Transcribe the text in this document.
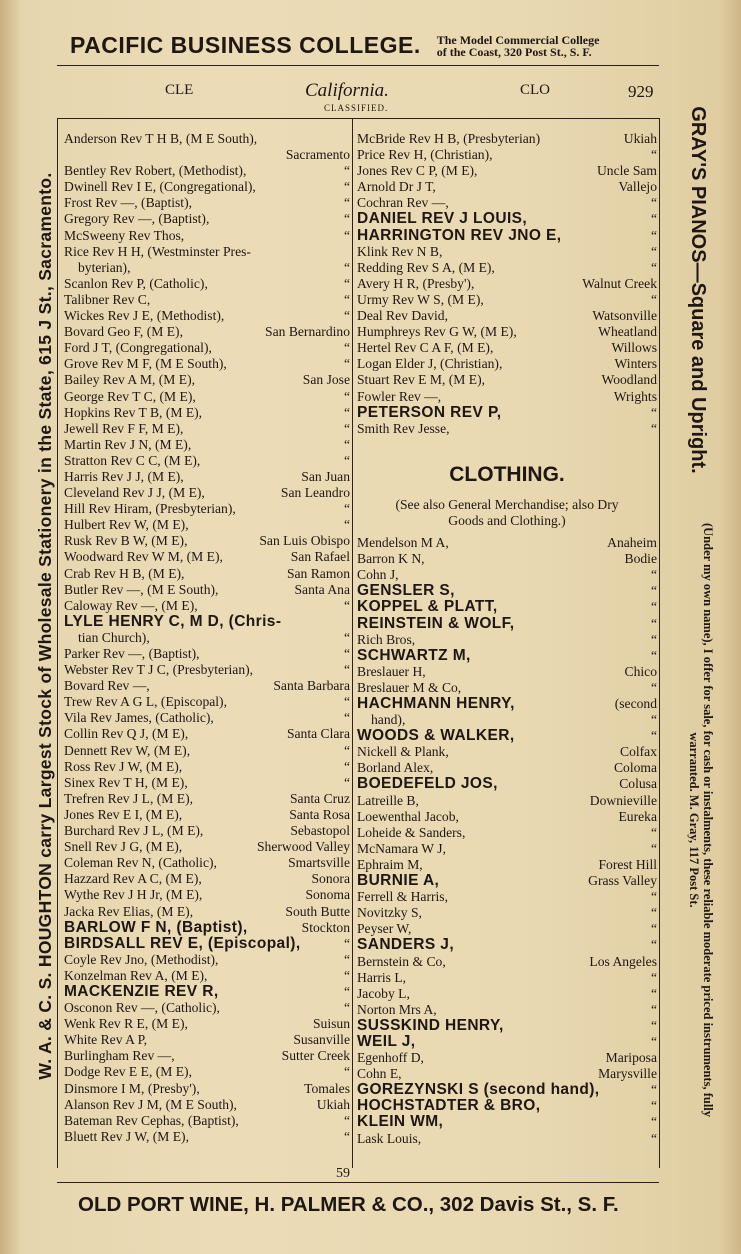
PACIFIC BUSINESS COLLEGE. The Model Commercial College
of the Coast, 320 Post St., S. F.
CLE	California.
CLASSIFIED.
CLO	929
W. A. & C. S. HOUGHTON carry Largest Stock of Wholesale Stationery in the State, 615 J St., Sacramento.	GRAY'S PIANOS—Square and Upright.
(Under my own name), I offer for sale, for cash or instalments, these reliable moderate priced instruments, fully warranted. M. Gray, 117 Post St.
Anderson Rev T H B, (M E South),
Sacramento
Bentley Rev Robert, (Methodist),	“
Dwinell Rev I E, (Congregational),	“
Frost Rev —, (Baptist),	“
Gregory Rev —, (Baptist),	“
McSweeny Rev Thos,	“
Rice Rev H H, (Westminster Pres-
byterian),	“
Scanlon Rev P, (Catholic),	“
Talibner Rev C,	“
Wickes Rev J E, (Methodist),	“
Bovard Geo F, (M E),	San Bernardino
Ford J T, (Congregational),	“
Grove Rev M F, (M E South),	“
Bailey Rev A M, (M E),	San Jose
George Rev T C, (M E),	“
Hopkins Rev T B, (M E),	“
Jewell Rev F F, M E),	“
Martin Rev J N, (M E),	“
Stratton Rev C C, (M E),	“
Harris Rev J J, (M E),	San Juan
Cleveland Rev J J, (M E),	San Leandro
Hill Rev Hiram, (Presbyterian),	“
Hulbert Rev W, (M E),	“
Rusk Rev B W, (M E),	San Luis Obispo
Woodward Rev W M, (M E),	San Rafael
Crab Rev H B, (M E),	San Ramon
Butler Rev —, (M E South),	Santa Ana
Caloway Rev —, (M E),	“
LYLE HENRY C, M D, (Chris-
tian Church),	“
Parker Rev —, (Baptist),	“
Webster Rev T J C, (Presbyterian),	“
Bovard Rev —,	Santa Barbara
Trew Rev A G L, (Episcopal),	“
Vila Rev James, (Catholic),	“
Collin Rev Q J, (M E),	Santa Clara
Dennett Rev W, (M E),	“
Ross Rev J W, (M E),	“
Sinex Rev T H, (M E),	“
Trefren Rev J L, (M E),	Santa Cruz
Jones Rev E I, (M E),	Santa Rosa
Burchard Rev J L, (M E),	Sebastopol
Snell Rev J G, (M E),	Sherwood Valley
Coleman Rev N, (Catholic),	Smartsville
Hazzard Rev A C, (M E),	Sonora
Wythe Rev J H Jr, (M E),	Sonoma
Jacka Rev Elias, (M E),	South Butte
BARLOW F N, (Baptist),	Stockton
BIRDSALL REV E, (Episcopal),	“
Coyle Rev Jno, (Methodist),	“
Konzelman Rev A, (M E),	“
MACKENZIE REV R,	“
Osconon Rev —, (Catholic),	“
Wenk Rev R E, (M E),	Suisun
White Rev A P,	Susanville
Burlingham Rev —,	Sutter Creek
Dodge Rev E E, (M E),	“
Dinsmore I M, (Presby'),	Tomales
Alanson Rev J M, (M E South),	Ukiah
Bateman Rev Cephas, (Baptist),	“
Bluett Rev J W, (M E),	“
McBride Rev H B, (Presbyterian)	Ukiah
Price Rev H, (Christian),	“
Jones Rev C P, (M E),	Uncle Sam
Arnold Dr J T,	Vallejo
Cochran Rev —,	“
DANIEL REV J LOUIS,	“
HARRINGTON REV JNO E,	“
Klink Rev N B,	“
Redding Rev S A, (M E),	“
Avery H R, (Presby'),	Walnut Creek
Urmy Rev W S, (M E),	“
Deal Rev David,	Watsonville
Humphreys Rev G W, (M E),	Wheatland
Hertel Rev C A F, (M E),	Willows
Logan Elder J, (Christian),	Winters
Stuart Rev E M, (M E),	Woodland
Fowler Rev —,	Wrights
PETERSON REV P,	“
Smith Rev Jesse,	“
CLOTHING.
(See also General Merchandise; also Dry
Goods and Clothing.)
Mendelson M A,	Anaheim
Barron K N,	Bodie
Cohn J,	“
GENSLER S,	“
KOPPEL & PLATT,	“
REINSTEIN & WOLF,	“
Rich Bros,	“
SCHWARTZ M,	“
Breslauer H,	Chico
Breslauer M & Co,	“
HACHMANN HENRY,	(second
hand),	“
WOODS & WALKER,	“
Nickell & Plank,	Colfax
Borland Alex,	Coloma
BOEDEFELD JOS,	Colusa
Latreille B,	Downieville
Loewenthal Jacob,	Eureka
Loheide & Sanders,	“
McNamara W J,	“
Ephraim M,	Forest Hill
BURNIE A,	Grass Valley
Ferrell & Harris,	“
Novitzky S,	“
Peyser W,	“
SANDERS J,	“
Bernstein & Co,	Los Angeles
Harris L,	“
Jacoby L,	“
Norton Mrs A,	“
SUSSKIND HENRY,	“
WEIL J,	“
Egenhoff D,	Mariposa
Cohn E,	Marysville
GOREZYNSKI S (second hand),	“
HOCHSTADTER & BRO,	“
KLEIN WM,	“
Lask Louis,	“
59
OLD PORT WINE, H. PALMER & CO., 302 Davis St., S. F.
